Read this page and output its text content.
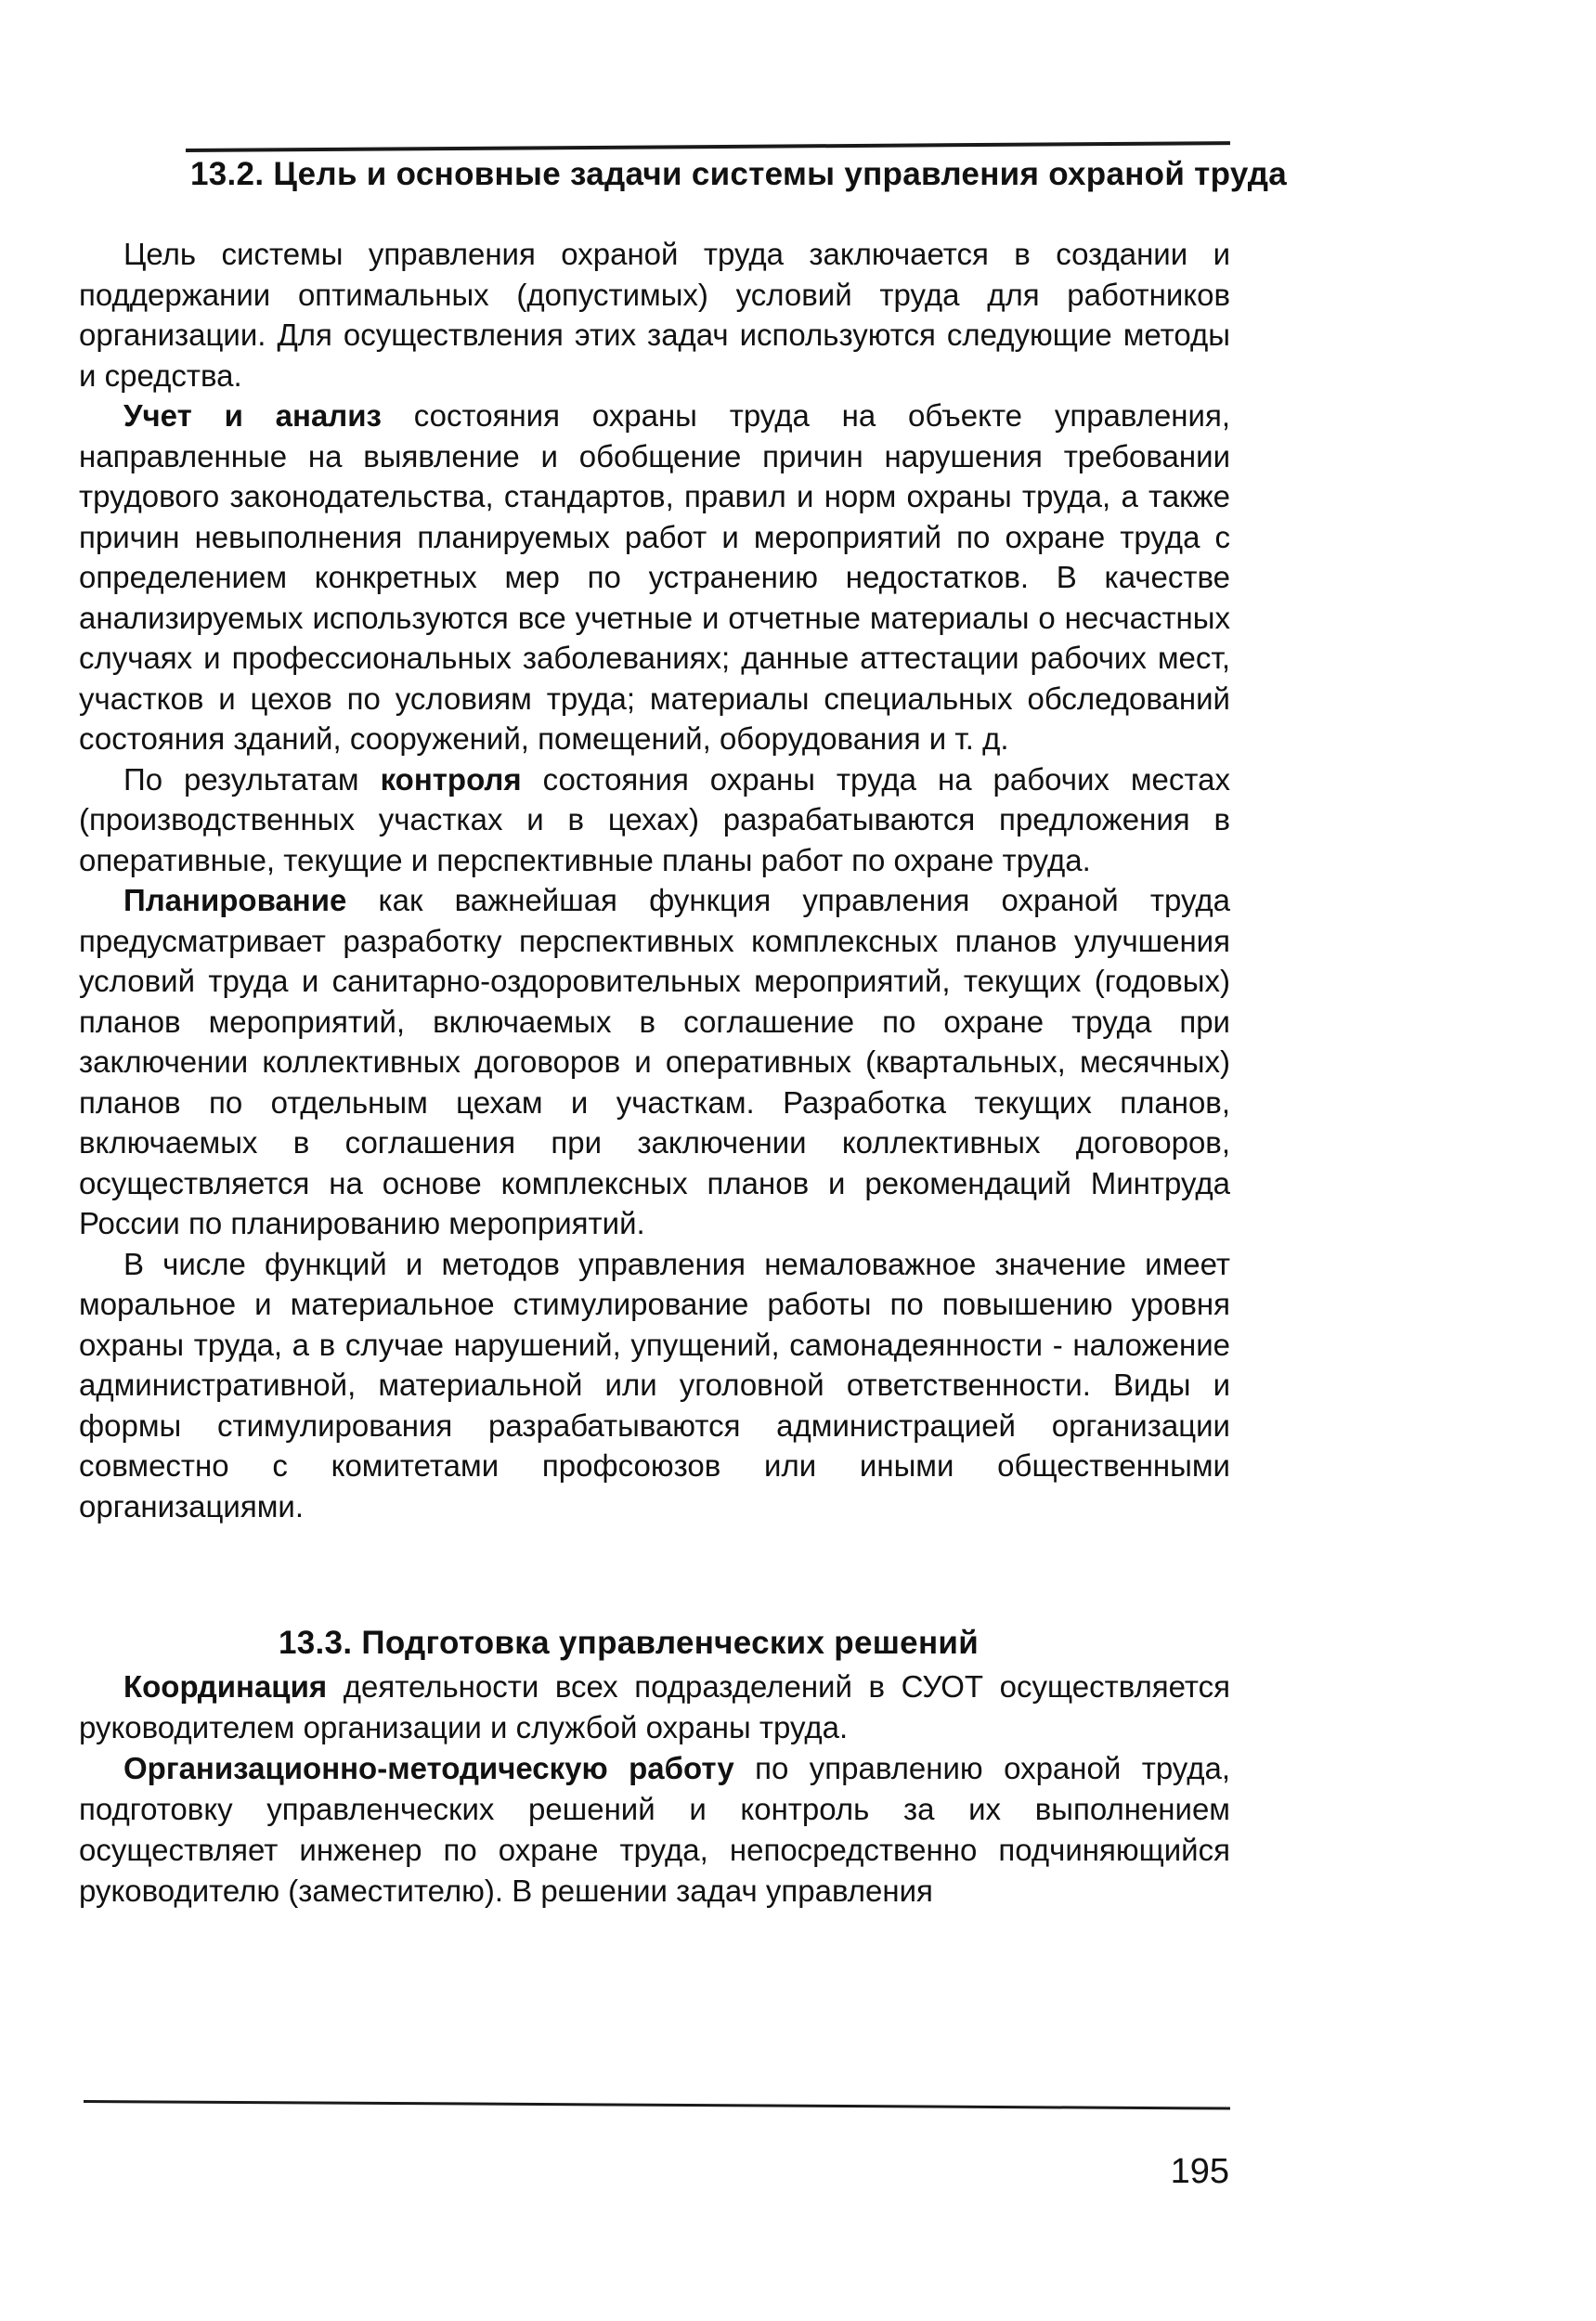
13.2. Цель и основные задачи системы управления охраной труда

Цель системы управления охраной труда заключается в создании и поддержании оптимальных (допустимых) условий труда для работников организации. Для осуществления этих задач используются следующие методы и средства.

Учет и анализ состояния охраны труда на объекте управления, направленные на выявление и обобщение причин нарушения требовании трудового законодательства, стандартов, правил и норм охраны труда, а также причин невыполнения планируемых работ и мероприятий по охране труда с определением конкретных мер по устранению недостатков. В качестве анализируемых используются все учетные и отчетные материалы о несчастных случаях и профессиональных заболеваниях; данные аттестации рабочих мест, участков и цехов по условиям труда; материалы специальных обследований состояния зданий, сооружений, помещений, оборудования и т. д.

По результатам контроля состояния охраны труда на рабочих местах (производственных участках и в цехах) разрабатываются предложения в оперативные, текущие и перспективные планы работ по охране труда.

Планирование как важнейшая функция управления охраной труда предусматривает разработку перспективных комплексных планов улучшения условий труда и санитарно-оздоровительных мероприятий, текущих (годовых) планов мероприятий, включаемых в соглашение по охране труда при заключении коллективных договоров и оперативных (квартальных, месячных) планов по отдельным цехам и участкам. Разработка текущих планов, включаемых в соглашения при заключении коллективных договоров, осуществляется на основе комплексных планов и рекомендаций Минтруда России по планированию мероприятий.

В числе функций и методов управления немаловажное значение имеет моральное и материальное стимулирование работы по повышению уровня охраны труда, а в случае нарушений, упущений, самонадеянности - наложение административной, материальной или уголовной ответственности. Виды и формы стимулирования разрабатываются администрацией организации совместно с комитетами профсоюзов или иными общественными организациями.

13.3. Подготовка управленческих решений

Координация деятельности всех подразделений в СУОТ осуществляется руководителем организации и службой охраны труда.

Организационно-методическую работу по управлению охраной труда, подготовку управленческих решений и контроль за их выполнением осуществляет инженер по охране труда, непосредственно подчиняющийся руководителю (заместителю). В решении задач управления

195
